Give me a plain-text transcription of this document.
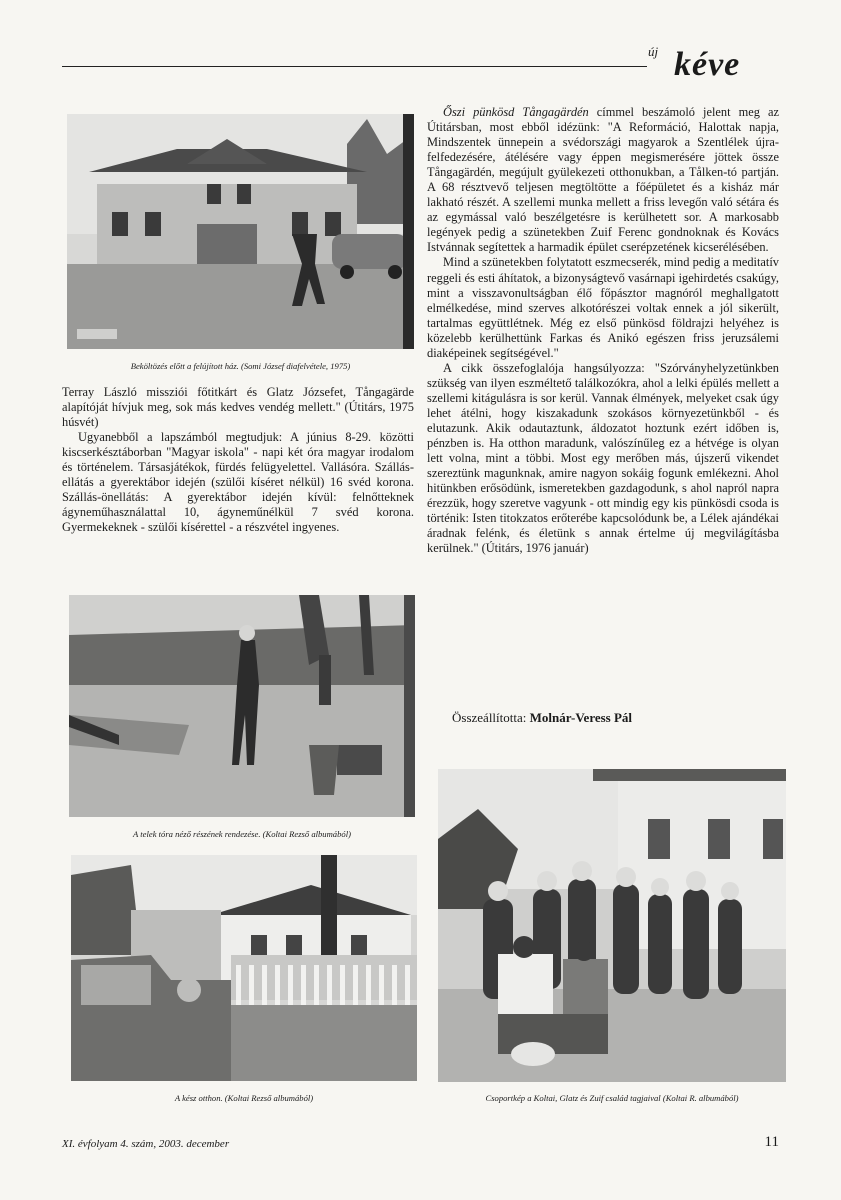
új kéve
Beköltözés előtt a felújított ház. (Somi József diafelvétele, 1975)

Terray László missziói főtitkárt és Glatz Józsefet, Tångagärde alapítóját hívjuk meg, sok más kedves vendég mellett." (Útitárs, 1975 húsvét)

Ugyanebből a lapszámból megtudjuk: A június 8-29. közötti kiscserkésztáborban "Magyar iskola" - napi két óra magyar irodalom és történelem. Társasjátékok, fürdés felügyelettel. Vallásóra. Szállás-ellátás a gyerektábor idején (szülői kíséret nélkül) 16 svéd korona. Szállás-önellátás: A gyerektábor idején kívül: felnőtteknek ágyneműhasználattal 10, ágyneműnélkül 7 svéd korona. Gyermekeknek - szülői kísérettel - a részvétel ingyenes.

A telek tóra néző részének rendezése. (Koltai Rezső albumából)
A kész otthon. (Koltai Rezső albumából)

Őszi pünkösd Tångagärdén címmel beszámoló jelent meg az Útitársban, most ebből idézünk: "A Reformáció, Halottak napja, Mindszentek ünnepein a svédországi magyarok a Szentlélek újra-felfedezésére, átélésére vagy éppen megismerésére jöttek össze Tångagärdén, megújult gyülekezeti otthonukban, a Tålken-tó partján. A 68 résztvevő teljesen megtöltötte a főépületet és a kisház már lakható részét. A szellemi munka mellett a friss levegőn való sétára és az egymással való beszélgetésre is kerülhetett sor. A markosabb legények pedig a szünetekben Zuif Ferenc gondnoknak és Kovács Istvánnak segítettek a harmadik épület cserépzetének kicserélésében.

Mind a szünetekben folytatott eszmecserék, mind pedig a meditatív reggeli és esti áhítatok, a bizonyságtevő vasárnapi igehirdetés csakúgy, mint a visszavonultságban élő főpásztor magnóról meghallgatott elmélkedése, mind szerves alkotórészei voltak ennek a jól sikerült, tartalmas együttlétnek. Még ez első pünkösd földrajzi helyéhez is közelebb kerülhettünk Farkas és Anikó egészen friss jeruzsálemi diaképeinek segítségével."

A cikk összefoglalója hangsúlyozza: "Szórványhelyzetünkben szükség van ilyen eszméltető találkozókra, ahol a lelki épülés mellett a szellemi kitágulásra is sor kerül. Vannak élmények, melyeket csak úgy lehet átélni, hogy kiszakadunk szokásos környezetünkből - és elutazunk. Akik odautaztunk, áldozatot hoztunk ezért időben is, pénzben is. Ha otthon maradunk, valószínűleg ez a hétvége is olyan lett volna, mint a többi. Most egy merőben más, újszerű vikendet szereztünk magunknak, amire nagyon sokáig fogunk emlékezni. Ahol hitünkben erősödünk, ismeretekben gazdagodunk, s ahol napról napra érezzük, hogy szeretve vagyunk - ott mindig egy kis pünkösdi csoda is történik: Isten titokzatos erőterébe kapcsolódunk be, a Lélek ajándékai áradnak felénk, és életünk s annak értelme új megvilágításba kerülnek." (Útitárs, 1976 január)

Összeállította: Molnár-Veress Pál
Csoportkép a Koltai, Glatz és Zuif család tagjaival (Koltai R. albumából)
XI. évfolyam 4. szám, 2003. december	11
